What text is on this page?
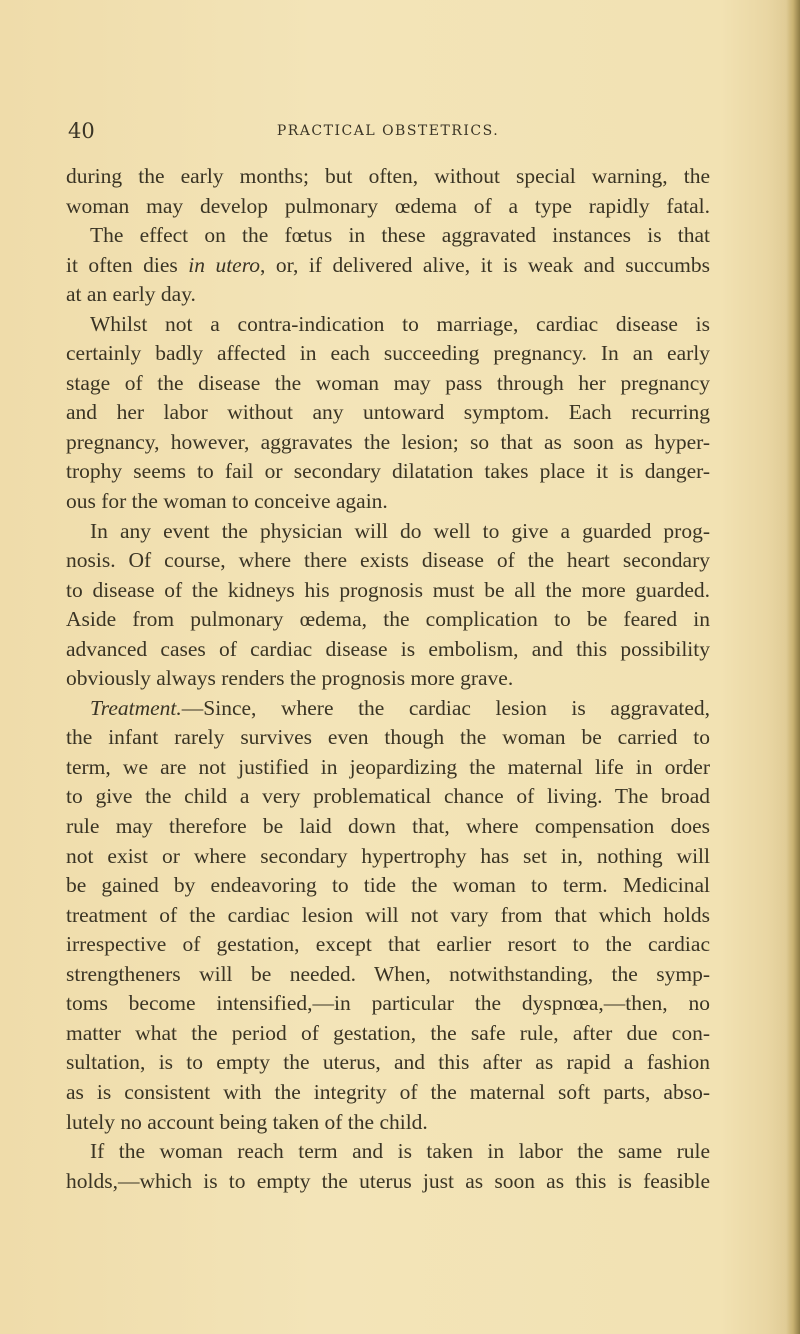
40	PRACTICAL OBSTETRICS.
during the early months; but often, without special warning, the
woman may develop pulmonary œdema of a type rapidly fatal.
The effect on the fœtus in these aggravated instances is that
it often dies in utero, or, if delivered alive, it is weak and succumbs
at an early day.
Whilst not a contra-indication to marriage, cardiac disease is
certainly badly affected in each succeeding pregnancy. In an early
stage of the disease the woman may pass through her pregnancy
and her labor without any untoward symptom. Each recurring
pregnancy, however, aggravates the lesion; so that as soon as hyper-
trophy seems to fail or secondary dilatation takes place it is danger-
ous for the woman to conceive again.
In any event the physician will do well to give a guarded prog-
nosis. Of course, where there exists disease of the heart secondary
to disease of the kidneys his prognosis must be all the more guarded.
Aside from pulmonary œdema, the complication to be feared in
advanced cases of cardiac disease is embolism, and this possibility
obviously always renders the prognosis more grave.
Treatment.—Since, where the cardiac lesion is aggravated,
the infant rarely survives even though the woman be carried to
term, we are not justified in jeopardizing the maternal life in order
to give the child a very problematical chance of living. The broad
rule may therefore be laid down that, where compensation does
not exist or where secondary hypertrophy has set in, nothing will
be gained by endeavoring to tide the woman to term. Medicinal
treatment of the cardiac lesion will not vary from that which holds
irrespective of gestation, except that earlier resort to the cardiac
strengtheners will be needed. When, notwithstanding, the symp-
toms become intensified,—in particular the dyspnœa,—then, no
matter what the period of gestation, the safe rule, after due con-
sultation, is to empty the uterus, and this after as rapid a fashion
as is consistent with the integrity of the maternal soft parts, abso-
lutely no account being taken of the child.
If the woman reach term and is taken in labor the same rule
holds,—which is to empty the uterus just as soon as this is feasible
